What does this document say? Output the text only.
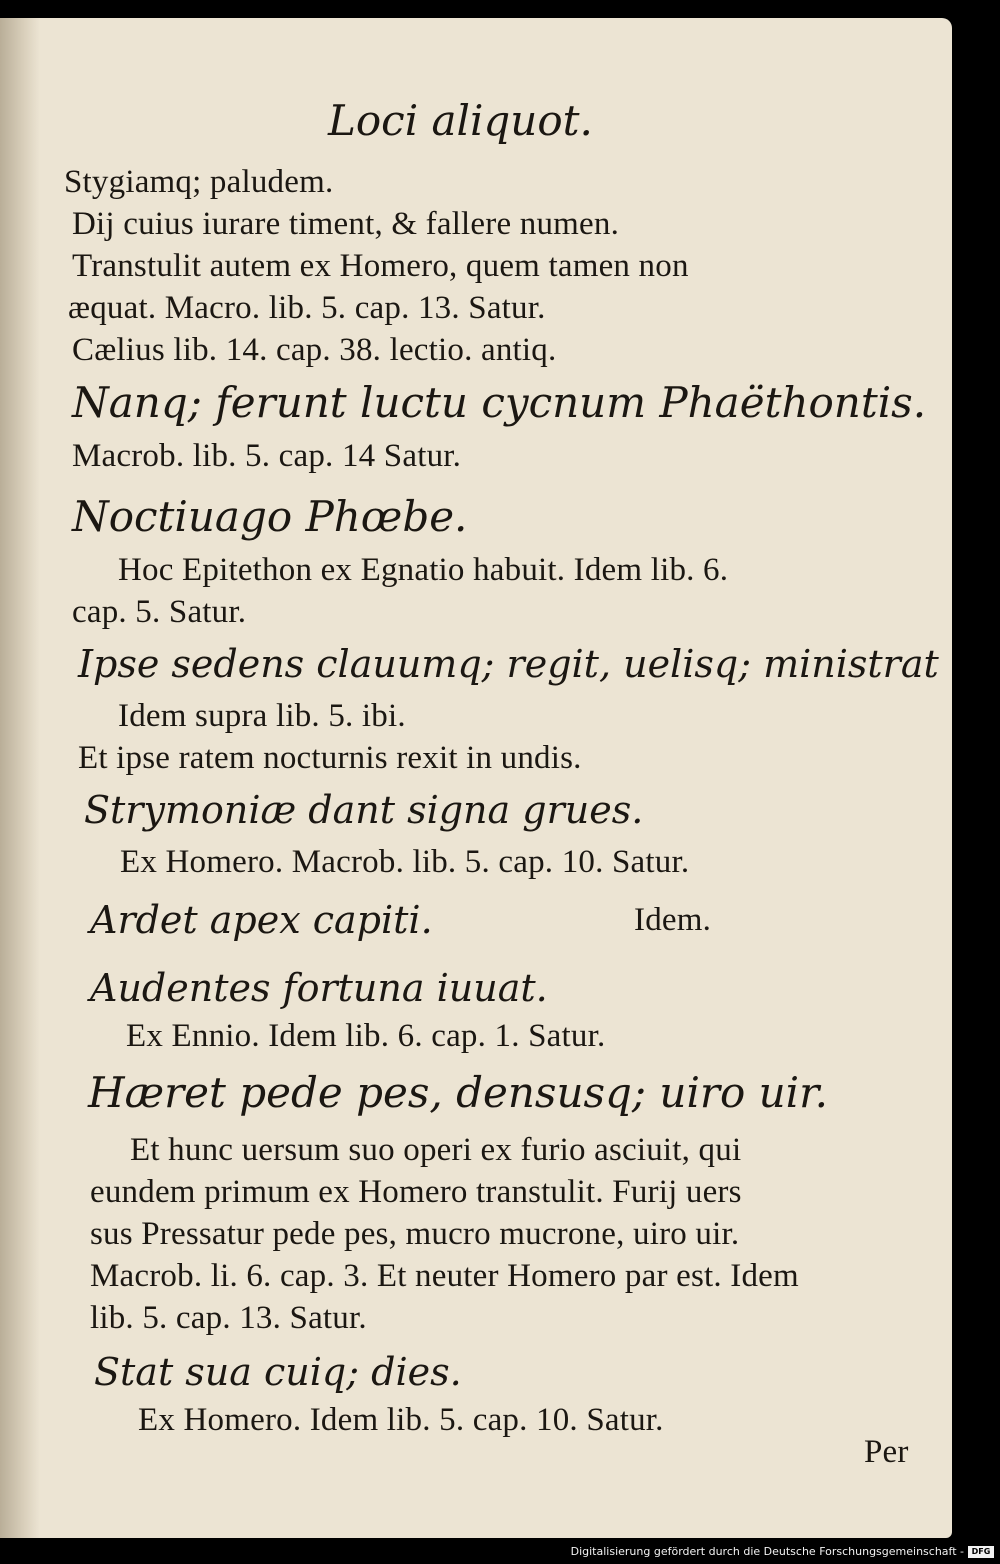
Loci aliquot.
Stygiamq; paludem.
Dij cuius iurare timent, & fallere numen.
Transtulit autem ex Homero, quem tamen non
æquat. Macro. lib. 5. cap. 13. Satur.
Cælius lib. 14. cap. 38. lectio. antiq.
Nanq; ferunt luctu cycnum Phaëthontis.
Macrob. lib. 5. cap. 14 Satur.
Noctiuago Phœbe.
Hoc Epitethon ex Egnatio habuit. Idem lib. 6.
cap. 5. Satur.
Ipse sedens clauumq; regit, uelisq; ministrat
Idem supra lib. 5. ibi.
Et ipse ratem nocturnis rexit in undis.
Strymoniæ dant signa grues.
Ex Homero. Macrob. lib. 5. cap. 10. Satur.
Ardet apex capiti.	Idem.
Audentes fortuna iuuat.
Ex Ennio. Idem lib. 6. cap. 1. Satur.
Hæret pede pes, densusq; uiro uir.
Et hunc uersum suo operi ex furio asciuit, qui
eundem primum ex Homero transtulit. Furij uers
sus Pressatur pede pes, mucro mucrone, uiro uir.
Macrob. li. 6. cap. 3. Et neuter Homero par est. Idem
lib. 5. cap. 13. Satur.
Stat sua cuiq; dies.
Ex Homero. Idem lib. 5. cap. 10. Satur.
Per
Digitalisierung gefördert durch die Deutsche Forschungsgemeinschaft - DFG
